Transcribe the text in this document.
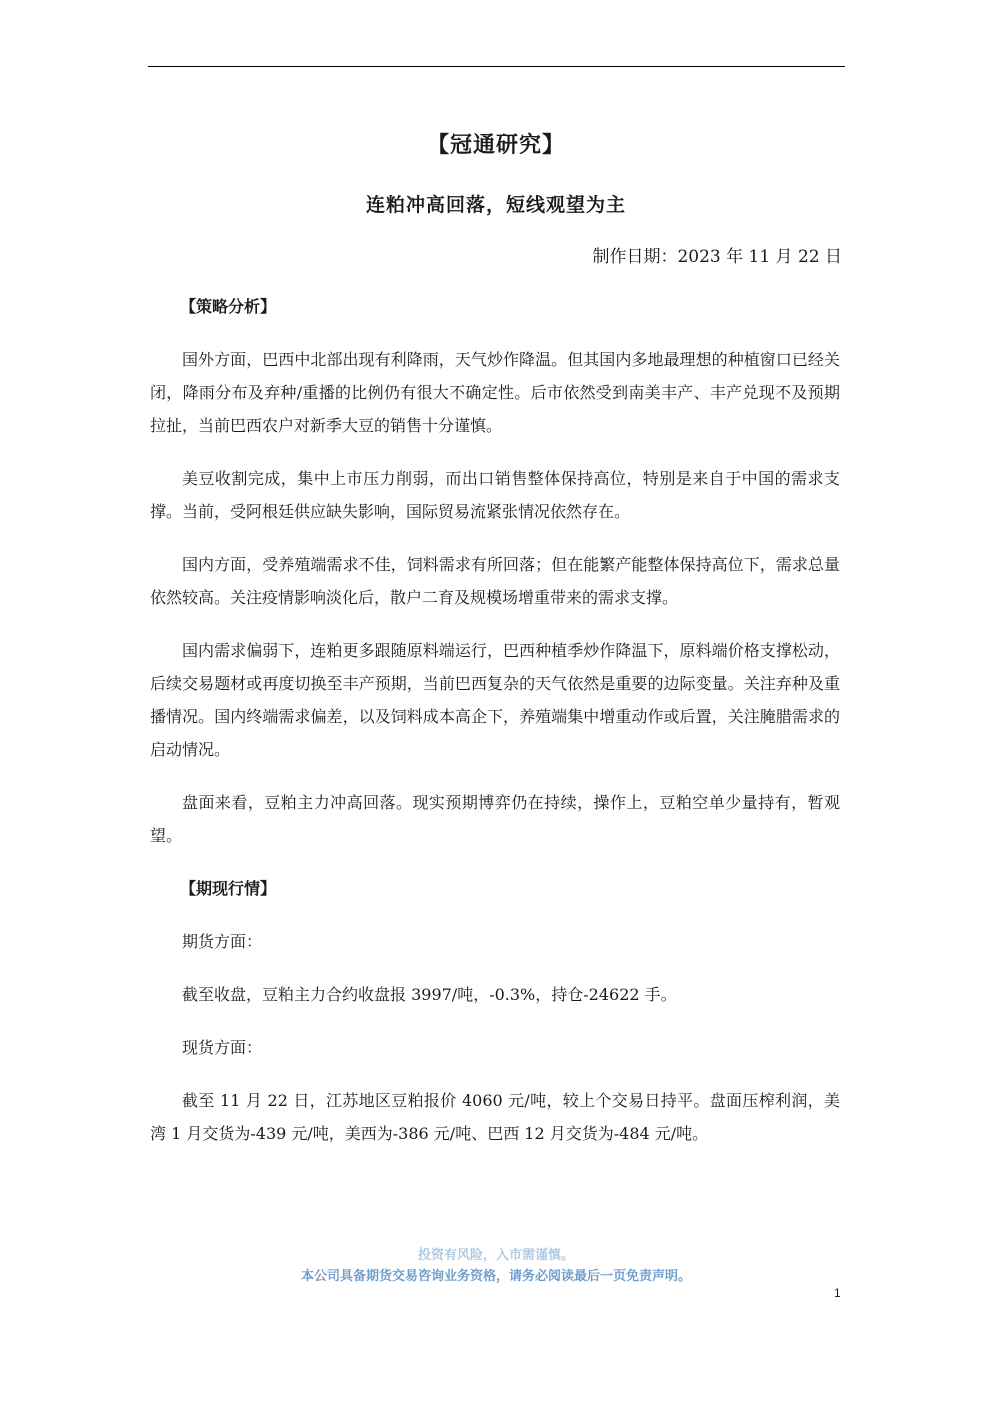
【冠通研究】
连粕冲高回落，短线观望为主
制作日期：2023 年 11 月 22 日
【策略分析】

国外方面，巴西中北部出现有利降雨，天气炒作降温。但其国内多地最理想的种植窗口已经关闭，降雨分布及弃种/重播的比例仍有很大不确定性。后市依然受到南美丰产、丰产兑现不及预期拉扯，当前巴西农户对新季大豆的销售十分谨慎。

美豆收割完成，集中上市压力削弱，而出口销售整体保持高位，特别是来自于中国的需求支撑。当前，受阿根廷供应缺失影响，国际贸易流紧张情况依然存在。

国内方面，受养殖端需求不佳，饲料需求有所回落；但在能繁产能整体保持高位下，需求总量依然较高。关注疫情影响淡化后，散户二育及规模场增重带来的需求支撑。

国内需求偏弱下，连粕更多跟随原料端运行，巴西种植季炒作降温下，原料端价格支撑松动，后续交易题材或再度切换至丰产预期，当前巴西复杂的天气依然是重要的边际变量。关注弃种及重播情况。国内终端需求偏差，以及饲料成本高企下，养殖端集中增重动作或后置，关注腌腊需求的启动情况。

盘面来看，豆粕主力冲高回落。现实预期博弈仍在持续，操作上，豆粕空单少量持有，暂观望。

【期现行情】

期货方面：

截至收盘，豆粕主力合约收盘报 3997/吨，-0.3%，持仓-24622 手。

现货方面：

截至 11 月 22 日，江苏地区豆粕报价 4060 元/吨，较上个交易日持平。盘面压榨利润，美湾 1 月交货为-439 元/吨，美西为-386 元/吨、巴西 12 月交货为-484 元/吨。

投资有风险，入市需谨慎。
本公司具备期货交易咨询业务资格，请务必阅读最后一页免责声明。
1
